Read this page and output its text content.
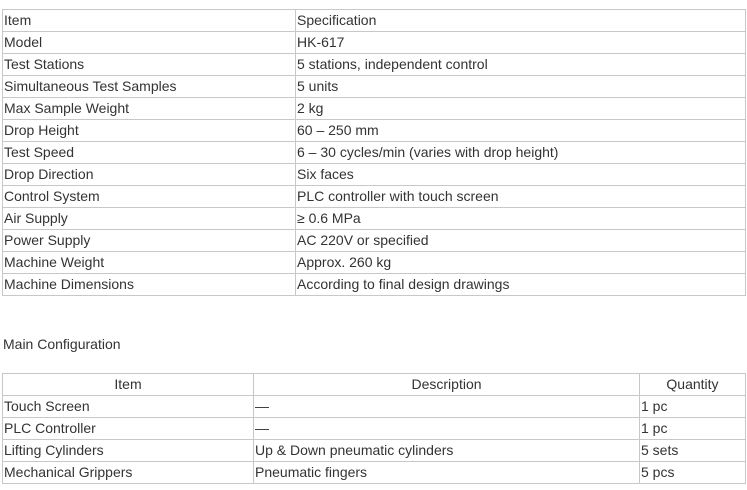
Item	Specification
Model	HK-617
Test Stations	5 stations, independent control
Simultaneous Test Samples	5 units
Max Sample Weight	2 kg
Drop Height	60 – 250 mm
Test Speed	6 – 30 cycles/min (varies with drop height)
Drop Direction	Six faces
Control System	PLC controller with touch screen
Air Supply	≥ 0.6 MPa
Power Supply	AC 220V or specified
Machine Weight	Approx. 260 kg
Machine Dimensions	According to final design drawings
Main Configuration
Item	Description	Quantity
Touch Screen	—	1 pc
PLC Controller	—	1 pc
Lifting Cylinders	Up & Down pneumatic cylinders	5 sets
Mechanical Grippers	Pneumatic fingers	5 pcs
